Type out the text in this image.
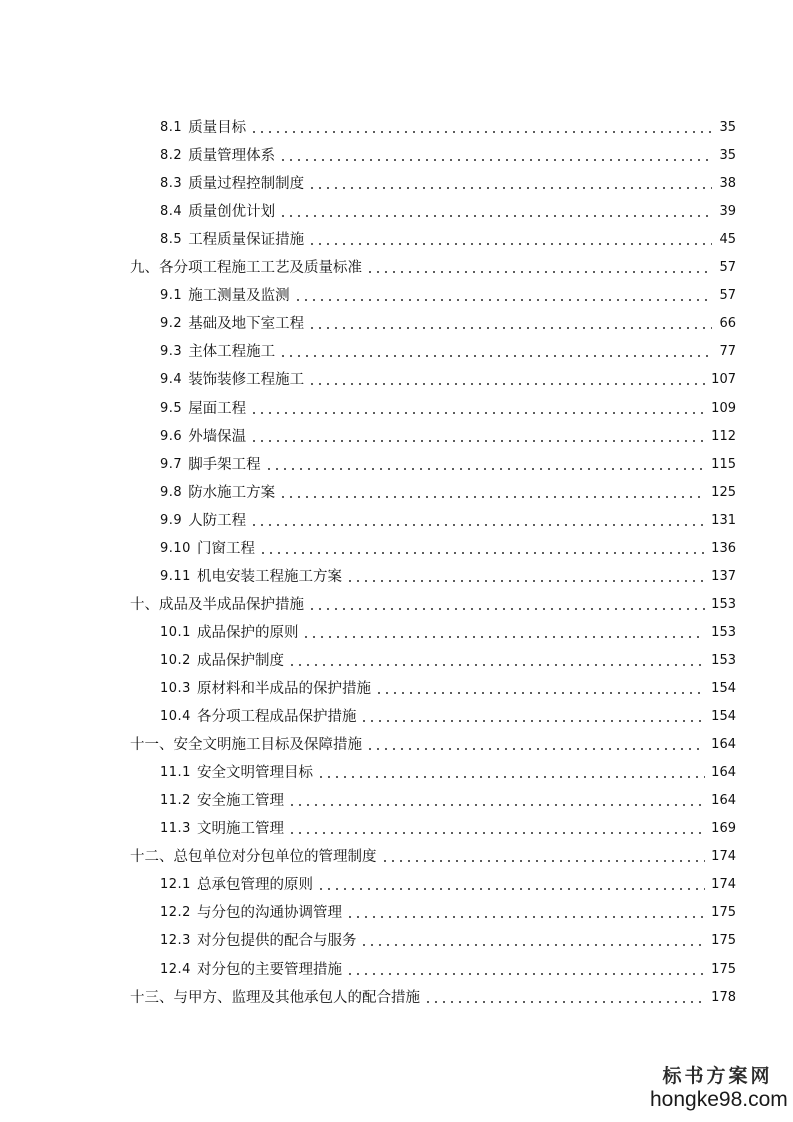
8.1 质量目标	35
8.2 质量管理体系	35
8.3 质量过程控制制度	38
8.4 质量创优计划	39
8.5 工程质量保证措施	45
九、 各分项工程施工工艺及质量标准	57
9.1 施工测量及监测	57
9.2 基础及地下室工程	66
9.3 主体工程施工	77
9.4 装饰装修工程施工	107
9.5 屋面工程	109
9.6 外墙保温	112
9.7 脚手架工程	115
9.8 防水施工方案	125
9.9 人防工程	131
9.10 门窗工程	136
9.11 机电安装工程施工方案	137
十、 成品及半成品保护措施	153
10.1 成品保护的原则	153
10.2 成品保护制度	153
10.3 原材料和半成品的保护措施	154
10.4 各分项工程成品保护措施	154
十一、 安全文明施工目标及保障措施	164
11.1 安全文明管理目标	164
11.2 安全施工管理	164
11.3 文明施工管理	169
十二、 总包单位对分包单位的管理制度	174
12.1 总承包管理的原则	174
12.2 与分包的沟通协调管理	175
12.3 对分包提供的配合与服务	175
12.4 对分包的主要管理措施	175
十三、 与甲方、监理及其他承包人的配合措施	178
标书方案网
hongke98.com
